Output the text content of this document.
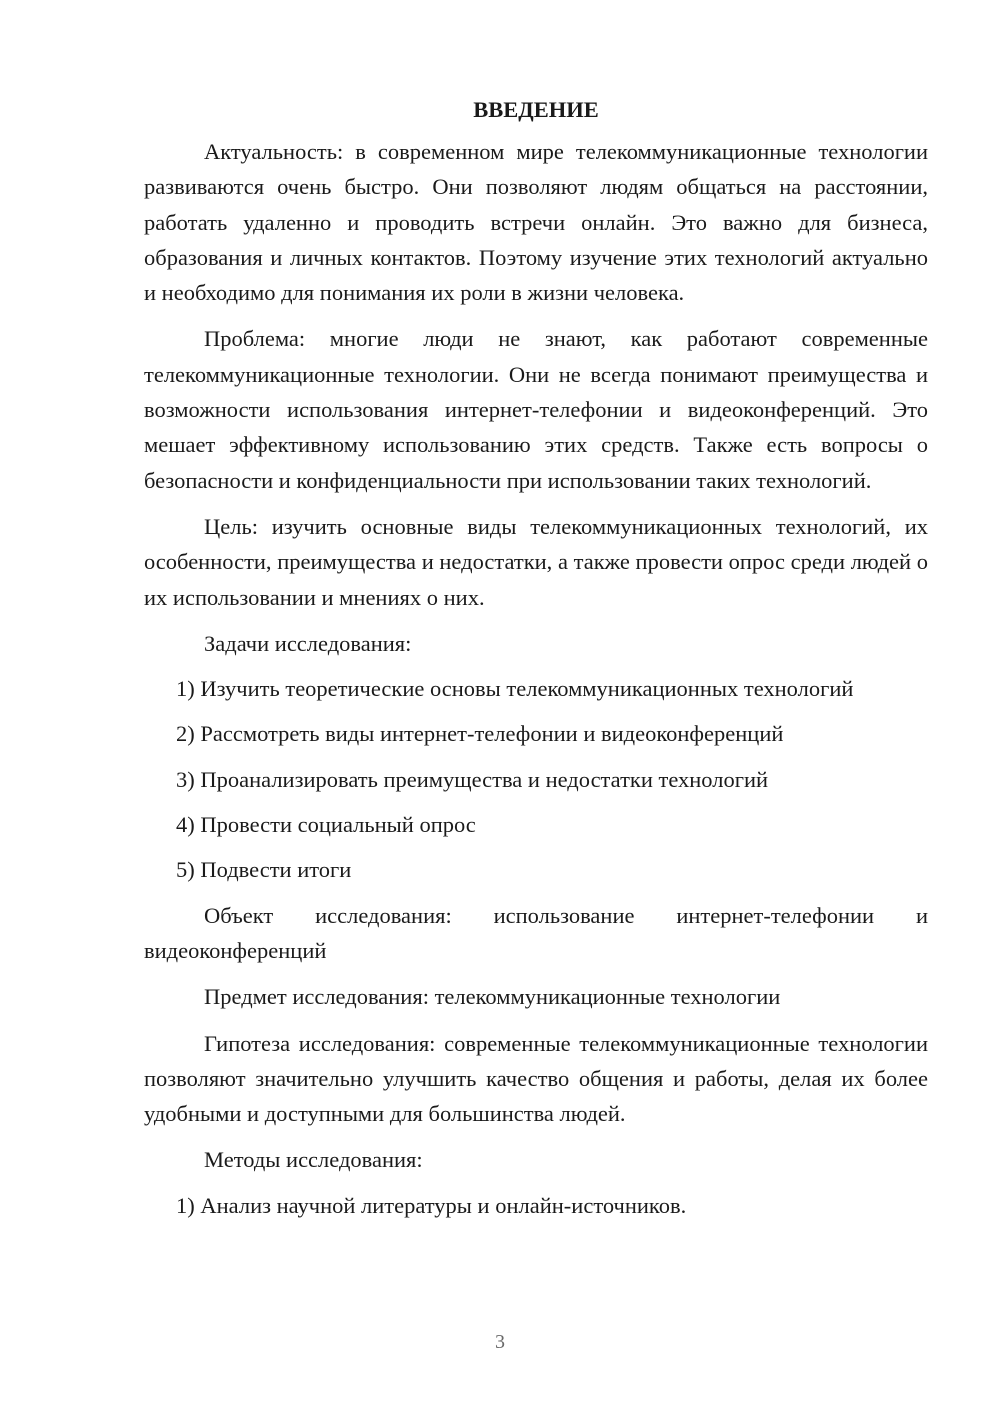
ВВЕДЕНИЕ

Актуальность: в современном мире телекоммуникационные технологии развиваются очень быстро. Они позволяют людям общаться на расстоянии, работать удаленно и проводить встречи онлайн. Это важно для бизнеса, образования и личных контактов. Поэтому изучение этих технологий актуально и необходимо для понимания их роли в жизни человека.

Проблема: многие люди не знают, как работают современные телекоммуникационные технологии. Они не всегда понимают преимущества и возможности использования интернет-телефонии и видеоконференций. Это мешает эффективному использованию этих средств. Также есть вопросы о безопасности и конфиденциальности при использовании таких технологий.

Цель: изучить основные виды телекоммуникационных технологий, их особенности, преимущества и недостатки, а также провести опрос среди людей о их использовании и мнениях о них.

Задачи исследования:

1) Изучить теоретические основы телекоммуникационных технологий

2) Рассмотреть виды интернет-телефонии и видеоконференций

3) Проанализировать преимущества и недостатки технологий

4) Провести социальный опрос

5) Подвести итоги

Объект исследования: использование интернет-телефонии и видеоконференций

Предмет исследования: телекоммуникационные технологии

Гипотеза исследования: современные телекоммуникационные технологии позволяют значительно улучшить качество общения и работы, делая их более удобными и доступными для большинства людей.

Методы исследования:

1) Анализ научной литературы и онлайн-источников.

3
